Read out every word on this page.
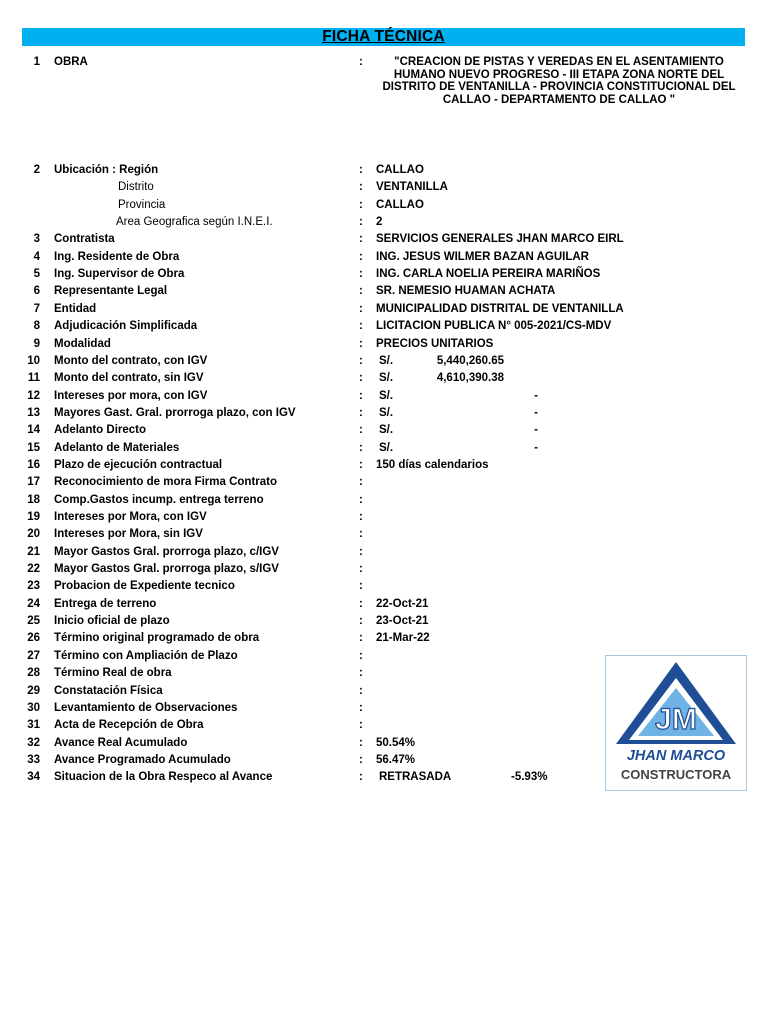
FICHA TÉCNICA
1 OBRA	:	"CREACION DE PISTAS Y VEREDAS EN EL ASENTAMIENTO HUMANO NUEVO PROGRESO - III ETAPA ZONA NORTE DEL DISTRITO DE VENTANILLA - PROVINCIA CONSTITUCIONAL DEL CALLAO - DEPARTAMENTO DE CALLAO "
2 Ubicación : Región	: CALLAO
Distrito	: VENTANILLA
Provincia	: CALLAO
Area Geografica según I.N.E.I.	: 2
3 Contratista	: SERVICIOS GENERALES JHAN MARCO EIRL
4 Ing. Residente de Obra	: ING. JESUS WILMER BAZAN AGUILAR
5 Ing. Supervisor de Obra	: ING. CARLA NOELIA PEREIRA MARIÑOS
6 Representante Legal	: SR. NEMESIO HUAMAN ACHATA
7 Entidad	: MUNICIPALIDAD DISTRITAL DE VENTANILLA
8 Adjudicación Simplificada	: LICITACION PUBLICA N° 005-2021/CS-MDV
9 Modalidad	: PRECIOS UNITARIOS
10 Monto del contrato, con IGV	: S/.	5,440,260.65
11 Monto del contrato, sin IGV	: S/.	4,610,390.38
12 Intereses por mora, con IGV	: S/.	-
13 Mayores Gast. Gral. prorroga plazo, con IGV	: S/.	-
14 Adelanto Directo	: S/.	-
15 Adelanto de Materiales	: S/.	-
16 Plazo de ejecución contractual	: 150 días calendarios
17 Reconocimiento de mora Firma Contrato	:
18 Comp.Gastos incump. entrega terreno	:
19 Intereses por Mora, con IGV	:
20 Intereses por Mora, sin IGV	:
21 Mayor Gastos Gral. prorroga plazo, c/IGV	:
22 Mayor Gastos Gral. prorroga plazo, s/IGV	:
23 Probacion de Expediente tecnico	:
24 Entrega de terreno	: 22-Oct-21
25 Inicio oficial de plazo	: 23-Oct-21
26 Término original programado de obra	: 21-Mar-22
27 Término con Ampliación de Plazo	:
28 Término Real de obra	:
29 Constatación Física	:
30 Levantamiento de Observaciones	:
31 Acta de Recepción de Obra	:
32 Avance Real Acumulado	: 50.54%
33 Avance Programado Acumulado	: 56.47%
34 Situacion de la Obra Respeco al Avance	: RETRASADA	-5.93%
JM
JHAN MARCO
CONSTRUCTORA
